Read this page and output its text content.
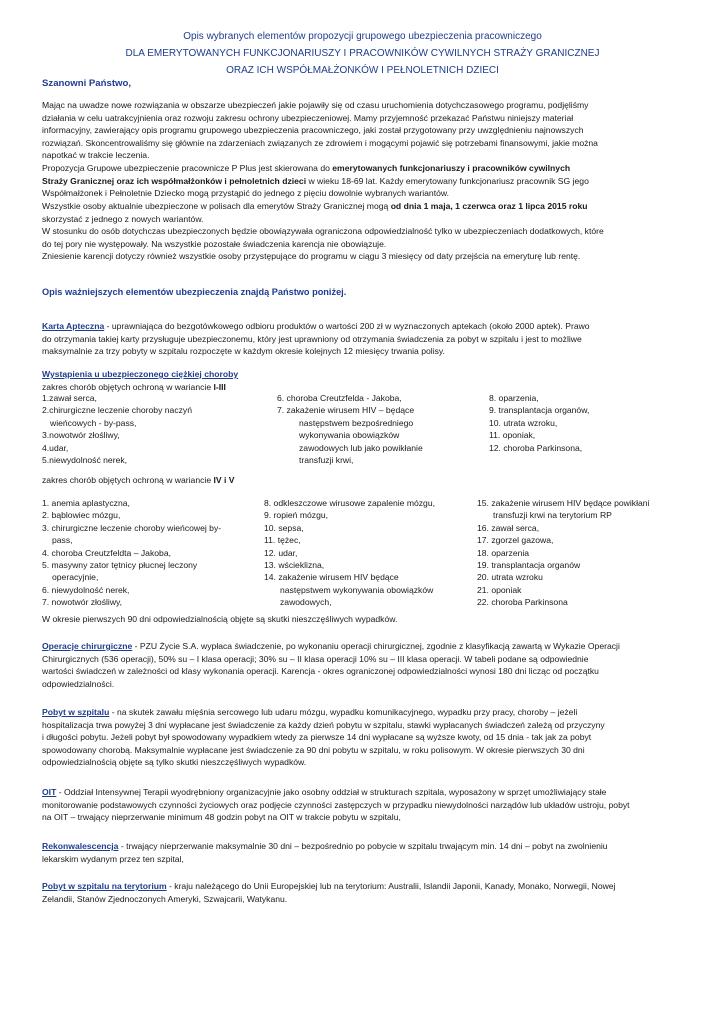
Opis wybranych elementów propozycji grupowego ubezpieczenia pracowniczego
DLA EMERYTOWANYCH FUNKCJONARIUSZY I PRACOWNIKÓW CYWILNYCH STRAŻY GRANICZNEJ
ORAZ ICH WSPÓŁMAŁŻONKÓW I PEŁNOLETNICH DZIECI
Szanowni Państwo,
Mając na uwadze nowe rozwiązania w obszarze ubezpieczeń jakie pojawiły się od czasu uruchomienia dotychczasowego programu, podjęliśmy
działania w celu uatrakcyjnienia oraz rozwoju zakresu ochrony ubezpieczeniowej. Mamy przyjemność przekazać Państwu niniejszy materiał
informacyjny, zawierający opis programu grupowego ubezpieczenia pracowniczego, jaki został przygotowany przy uwzględnieniu najnowszych
rozwiązań. Skoncentrowaliśmy się głównie na zdarzeniach związanych ze zdrowiem i mogącymi pojawić się potrzebami finansowymi, jakie można
napotkać w trakcie leczenia.
Propozycja Grupowe ubezpieczenie pracownicze P Plus jest skierowana do emerytowanych funkcjonariuszy i pracowników cywilnych
Straży Granicznej oraz ich współmałżonków i pełnoletnich dzieci w wieku 18-69 lat. Każdy emerytowany funkcjonariusz pracownik SG jego
Współmałżonek i Pełnoletnie Dziecko mogą przystąpić do jednego z pięciu dowolnie wybranych wariantów.
Wszystkie osoby aktualnie ubezpieczone w polisach dla emerytów Straży Granicznej mogą od dnia 1 maja, 1 czerwca oraz 1 lipca 2015 roku
skorzystać z jednego z nowych wariantów.
W stosunku do osób dotychczas ubezpieczonych będzie obowiązywała ograniczona odpowiedzialność tylko w ubezpieczeniach dodatkowych, które
do tej pory nie występowały. Na wszystkie pozostałe świadczenia karencja nie obowiązuje.
Zniesienie karencji dotyczy również wszystkie osoby przystępujące do programu w ciągu 3 miesięcy od daty przejścia na emeryturę lub rentę.
Opis ważniejszych elementów ubezpieczenia znajdą Państwo poniżej.
Karta Apteczna - uprawniająca do bezgotówkowego odbioru produktów o wartości 200 zł w wyznaczonych aptekach (około 2000 aptek). Prawo
do otrzymania takiej karty przysługuje ubezpieczonemu, który jest uprawniony od otrzymania świadczenia za pobyt w szpitalu i jest to możliwe
maksymalnie za trzy pobyty w szpitalu rozpoczęte w każdym okresie kolejnych 12 miesięcy trwania polisy.
Wystąpienia u ubezpieczonego ciężkiej choroby
zakres chorób objętych ochroną w wariancie I-III
1.zawał serca,
2.chirurgiczne leczenie choroby naczyń
wieńcowych - by-pass,
3.nowotwór złośliwy,
4.udar,
5.niewydolność nerek,
6. choroba Creutzfelda - Jakoba,
7. zakażenie wirusem HIV – będące
następstwem bezpośredniego
wykonywania obowiązków
zawodowych lub jako powikłanie
transfuzji krwi,
8. oparzenia,
9. transplantacja organów,
10. utrata wzroku,
11. oponiak,
12. choroba Parkinsona,
zakres chorób objętych ochroną w wariancie IV i V
1. anemia aplastyczna,
2. bąblowiec mózgu,
3. chirurgiczne leczenie choroby wieńcowej by-
pass,
4. choroba Creutzfeldta – Jakoba,
5. masywny zator tętnicy płucnej leczony
operacyjnie,
6. niewydolność nerek,
7. nowotwór złośliwy,
8. odkleszczowe wirusowe zapalenie mózgu,
9. ropień mózgu,
10. sepsa,
11. tężec,
12. udar,
13. wścieklizna,
14. zakażenie wirusem HIV będące
następstwem wykonywania obowiązków
zawodowych,
15. zakażenie wirusem HIV będące powikłani
transfuzji krwi na terytorium RP
16. zawał serca,
17. zgorzel gazowa,
18. oparzenia
19. transplantacja organów
20. utrata wzroku
21. oponiak
22. choroba Parkinsona
W okresie pierwszych 90 dni odpowiedzialnością objęte są skutki nieszczęśliwych wypadków.
Operacje chirurgiczne - PZU Życie S.A. wypłaca świadczenie, po wykonaniu operacji chirurgicznej, zgodnie z klasyfikacją zawartą w Wykazie Operacji
Chirurgicznych (536 operacji), 50% su – I klasa operacji; 30% su – II klasa operacji 10% su – III klasa operacji. W tabeli podane są odpowiednie
wartości świadczeń w zależności od klasy wykonania operacji. Karencja - okres ograniczonej odpowiedzialności wynosi 180 dni licząc od początku
odpowiedzialności.
Pobyt w szpitalu - na skutek zawału mięśnia sercowego lub udaru mózgu, wypadku komunikacyjnego, wypadku przy pracy, choroby – jeżeli
hospitalizacja trwa powyżej 3 dni wypłacane jest świadczenie za każdy dzień pobytu w szpitalu, stawki wypłacanych świadczeń zależą od przyczyny
i długości pobytu. Jeżeli pobyt był spowodowany wypadkiem wtedy za pierwsze 14 dni wypłacane są wyższe kwoty, od 15 dnia - tak jak za pobyt
spowodowany chorobą. Maksymalnie wypłacane jest świadczenie za 90 dni pobytu w szpitalu, w roku polisowym. W okresie pierwszych 30 dni
odpowiedzialnością objęte są tylko skutki nieszczęśliwych wypadków.
OIT - Oddział Intensywnej Terapii wyodrębniony organizacyjnie jako osobny oddział w strukturach szpitala, wyposażony w sprzęt umożliwiający stałe
monitorowanie podstawowych czynności życiowych oraz podjęcie czynności zastępczych w przypadku niewydolności narządów lub układów ustroju, pobyt
na OIT – trwający nieprzerwanie minimum 48 godzin pobyt na OIT w trakcie pobytu w szpitalu,
Rekonwalescencja - trwający nieprzerwanie maksymalnie 30 dni – bezpośrednio po pobycie w szpitalu trwającym min. 14 dni – pobyt na zwolnieniu
lekarskim wydanym przez ten szpital,
Pobyt w szpitalu na terytorium - kraju należącego do Unii Europejskiej lub na terytorium: Australii, Islandii Japonii, Kanady, Monako, Norwegii, Nowej
Zelandii, Stanów Zjednoczonych Ameryki, Szwajcarii, Watykanu.
